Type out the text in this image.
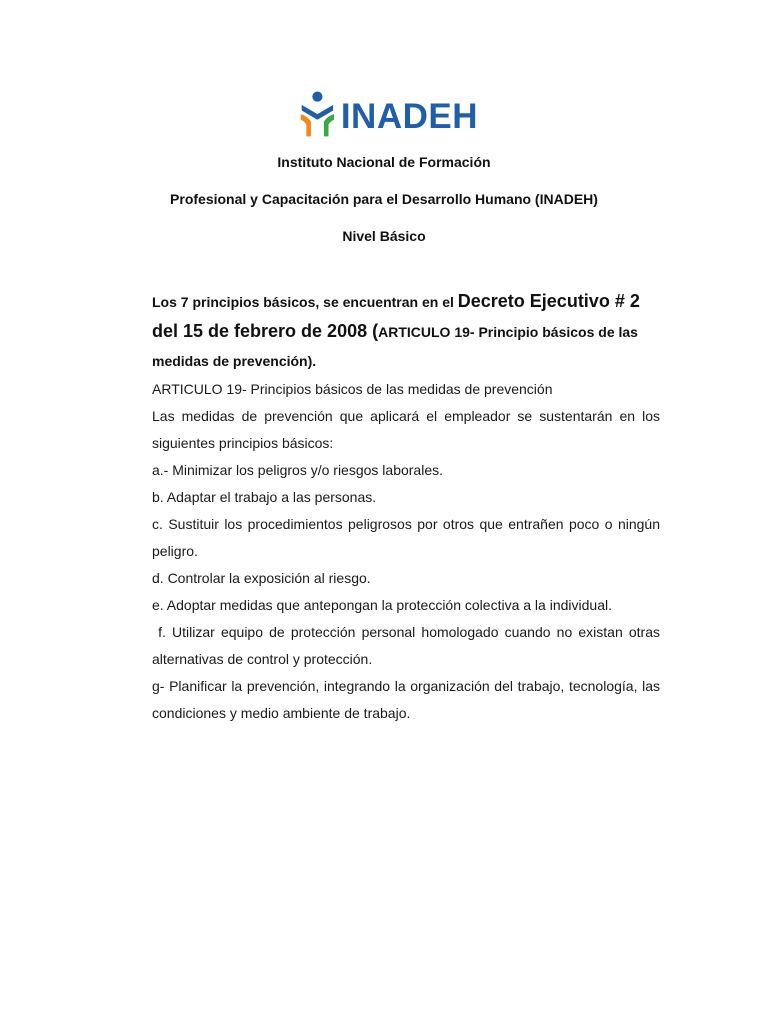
INADEH
Instituto Nacional de Formación
Profesional y Capacitación para el Desarrollo Humano (INADEH)
Nivel Básico

Los 7 principios básicos, se encuentran en el Decreto Ejecutivo # 2 del 15 de febrero de 2008 (ARTICULO 19- Principio básicos de las medidas de prevención).

ARTICULO 19- Principios básicos de las medidas de prevención

Las medidas de prevención que aplicará el empleador se sustentarán en los siguientes principios básicos:

a.- Minimizar los peligros y/o riesgos laborales.

b. Adaptar el trabajo a las personas.

c. Sustituir los procedimientos peligrosos por otros que entrañen poco o ningún peligro.

d. Controlar la exposición al riesgo.

e. Adoptar medidas que antepongan la protección colectiva a la individual.

f. Utilizar equipo de protección personal homologado cuando no existan otras alternativas de control y protección.

g- Planificar la prevención, integrando la organización del trabajo, tecnología, las condiciones y medio ambiente de trabajo.
